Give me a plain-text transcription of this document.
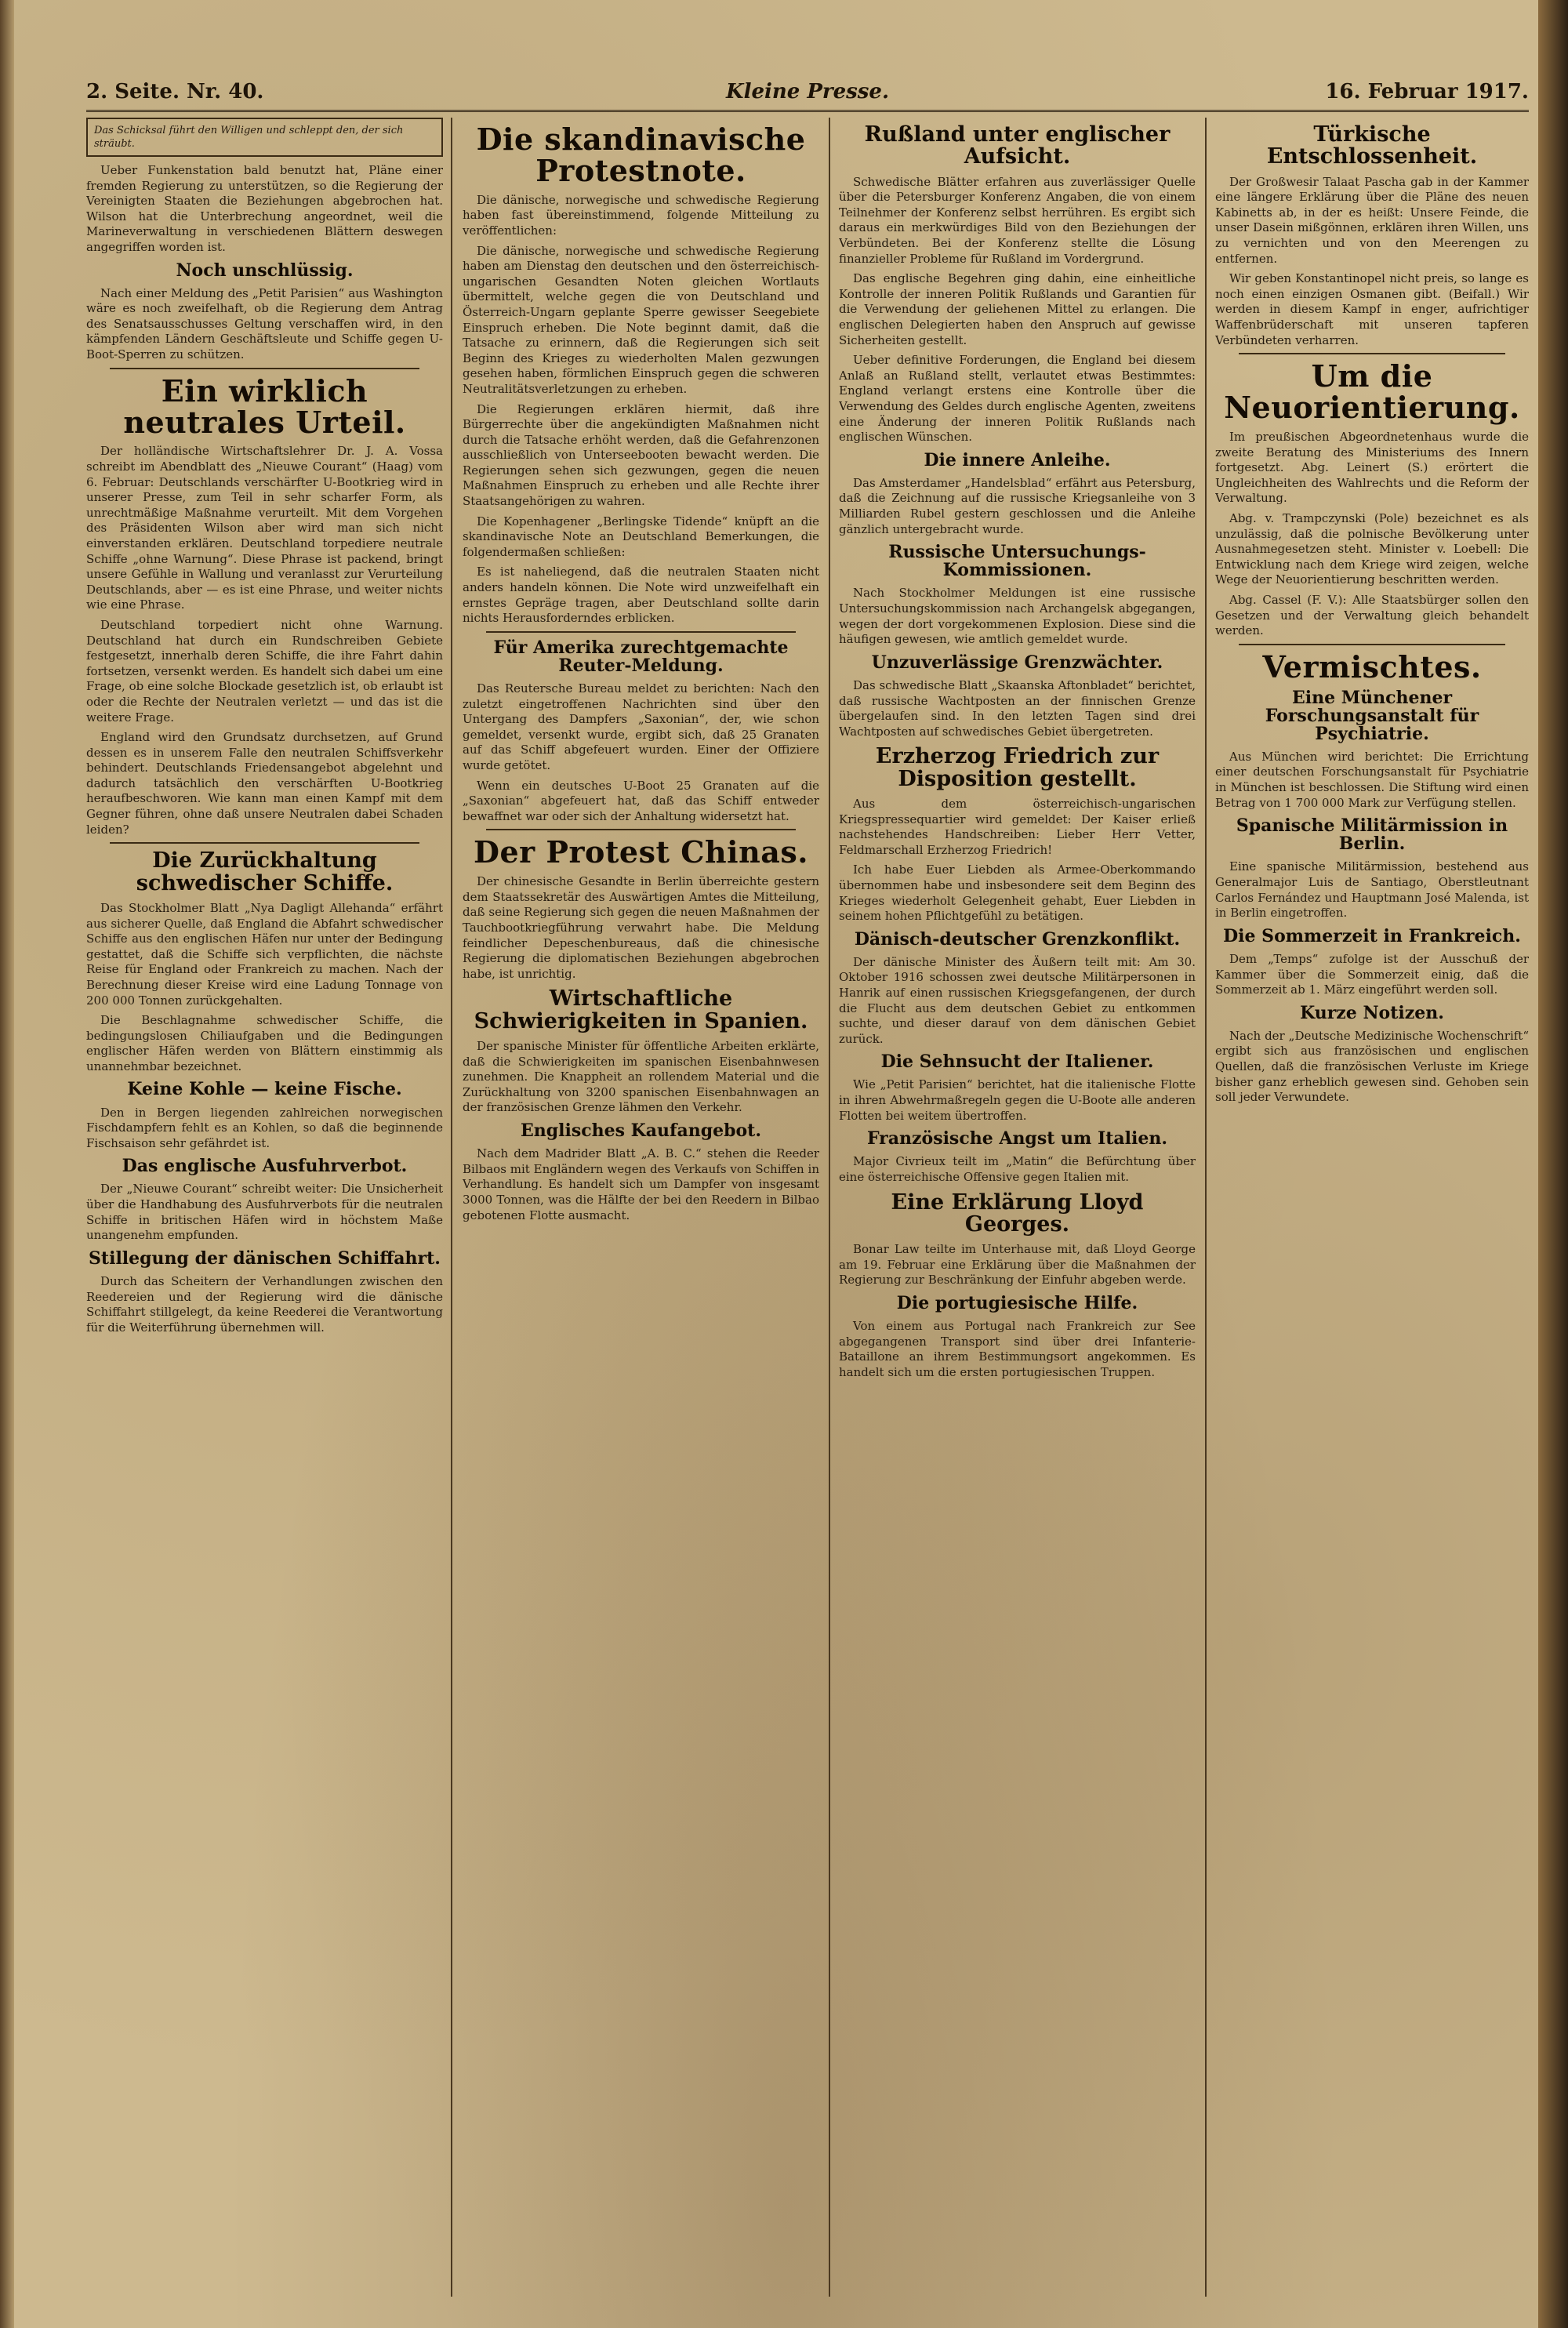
2. Seite. Nr. 40.	Kleine Presse.	16. Februar 1917.
Das Schicksal führt den Willigen und schleppt den, der sich sträubt.

Ueber Funkenstation bald benutzt hat, Pläne einer fremden Regierung zu unterstützen, so die Regierung der Vereinigten Staaten die Beziehungen abgebrochen hat. Wilson hat die Unterbrechung angeordnet, weil die Marineverwaltung in verschiedenen Blättern deswegen angegriffen worden ist.

Noch unschlüssig.

Nach einer Meldung des „Petit Parisien“ aus Washington wäre es noch zweifelhaft, ob die Regierung dem Antrag des Senatsausschusses Geltung verschaffen wird, in den kämpfenden Ländern Geschäftsleute und Schiffe gegen U-Boot-Sperren zu schützen.

Ein wirklich neutrales Urteil.

Der holländische Wirtschaftslehrer Dr. J. A. Vossa schreibt im Abendblatt des „Nieuwe Courant“ (Haag) vom 6. Februar: Deutschlands verschärfter U-Bootkrieg wird in unserer Presse, zum Teil in sehr scharfer Form, als unrechtmäßige Maßnahme verurteilt. Mit dem Vorgehen des Präsidenten Wilson aber wird man sich nicht einverstanden erklären. Deutschland torpediere neutrale Schiffe „ohne Warnung“. Diese Phrase ist packend, bringt unsere Gefühle in Wallung und veranlasst zur Verurteilung Deutschlands, aber — es ist eine Phrase, und weiter nichts wie eine Phrase.

Deutschland torpediert nicht ohne Warnung. Deutschland hat durch ein Rundschreiben Gebiete festgesetzt, innerhalb deren Schiffe, die ihre Fahrt dahin fortsetzen, versenkt werden. Es handelt sich dabei um eine Frage, ob eine solche Blockade gesetzlich ist, ob erlaubt ist oder die Rechte der Neutralen verletzt — und das ist die weitere Frage.

England wird den Grundsatz durchsetzen, auf Grund dessen es in unserem Falle den neutralen Schiffsverkehr behindert. Deutschlands Friedensangebot abgelehnt und dadurch tatsächlich den verschärften U-Bootkrieg heraufbeschworen. Wie kann man einen Kampf mit dem Gegner führen, ohne daß unsere Neutralen dabei Schaden leiden?

Die Zurückhaltung schwedischer Schiffe.

Das Stockholmer Blatt „Nya Dagligt Allehanda“ erfährt aus sicherer Quelle, daß England die Abfahrt schwedischer Schiffe aus den englischen Häfen nur unter der Bedingung gestattet, daß die Schiffe sich verpflichten, die nächste Reise für England oder Frankreich zu machen. Nach der Berechnung dieser Kreise wird eine Ladung Tonnage von 200 000 Tonnen zurückgehalten.

Die Beschlagnahme schwedischer Schiffe, die bedingungslosen Chiliaufgaben und die Bedingungen englischer Häfen werden von Blättern einstimmig als unannehmbar bezeichnet.

Keine Kohle — keine Fische.

Den in Bergen liegenden zahlreichen norwegischen Fischdampfern fehlt es an Kohlen, so daß die beginnende Fischsaison sehr gefährdet ist.

Das englische Ausfuhrverbot.

Der „Nieuwe Courant“ schreibt weiter: Die Unsicherheit über die Handhabung des Ausfuhrverbots für die neutralen Schiffe in britischen Häfen wird in höchstem Maße unangenehm empfunden.

Stillegung der dänischen Schiffahrt.

Durch das Scheitern der Verhandlungen zwischen den Reedereien und der Regierung wird die dänische Schiffahrt stillgelegt, da keine Reederei die Verantwortung für die Weiterführung übernehmen will.

Die skandinavische Protestnote.

Die dänische, norwegische und schwedische Regierung haben fast übereinstimmend, folgende Mitteilung zu veröffentlichen:

Die dänische, norwegische und schwedische Regierung haben am Dienstag den deutschen und den österreichisch-ungarischen Gesandten Noten gleichen Wortlauts übermittelt, welche gegen die von Deutschland und Österreich-Ungarn geplante Sperre gewisser Seegebiete Einspruch erheben. Die Note beginnt damit, daß die Tatsache zu erinnern, daß die Regierungen sich seit Beginn des Krieges zu wiederholten Malen gezwungen gesehen haben, förmlichen Einspruch gegen die schweren Neutralitätsverletzungen zu erheben.

Die Regierungen erklären hiermit, daß ihre Bürgerrechte über die angekündigten Maßnahmen nicht durch die Tatsache erhöht werden, daß die Gefahrenzonen ausschließlich von Unterseebooten bewacht werden. Die Regierungen sehen sich gezwungen, gegen die neuen Maßnahmen Einspruch zu erheben und alle Rechte ihrer Staatsangehörigen zu wahren.

Die Kopenhagener „Berlingske Tidende“ knüpft an die skandinavische Note an Deutschland Bemerkungen, die folgendermaßen schließen:

Es ist naheliegend, daß die neutralen Staaten nicht anders handeln können. Die Note wird unzweifelhaft ein ernstes Gepräge tragen, aber Deutschland sollte darin nichts Herausforderndes erblicken.

Für Amerika zurechtgemachte Reuter-Meldung.

Das Reutersche Bureau meldet zu berichten: Nach den zuletzt eingetroffenen Nachrichten sind über den Untergang des Dampfers „Saxonian“, der, wie schon gemeldet, versenkt wurde, ergibt sich, daß 25 Granaten auf das Schiff abgefeuert wurden. Einer der Offiziere wurde getötet.

Wenn ein deutsches U-Boot 25 Granaten auf die „Saxonian“ abgefeuert hat, daß das Schiff entweder bewaffnet war oder sich der Anhaltung widersetzt hat.

Der Protest Chinas.

Der chinesische Gesandte in Berlin überreichte gestern dem Staatssekretär des Auswärtigen Amtes die Mitteilung, daß seine Regierung sich gegen die neuen Maßnahmen der Tauchbootkriegführung verwahrt habe. Die Meldung feindlicher Depeschenbureaus, daß die chinesische Regierung die diplomatischen Beziehungen abgebrochen habe, ist unrichtig.

Wirtschaftliche Schwierigkeiten in Spanien.

Der spanische Minister für öffentliche Arbeiten erklärte, daß die Schwierigkeiten im spanischen Eisenbahnwesen zunehmen. Die Knappheit an rollendem Material und die Zurückhaltung von 3200 spanischen Eisenbahnwagen an der französischen Grenze lähmen den Verkehr.

Englisches Kaufangebot.

Nach dem Madrider Blatt „A. B. C.“ stehen die Reeder Bilbaos mit Engländern wegen des Verkaufs von Schiffen in Verhandlung. Es handelt sich um Dampfer von insgesamt 3000 Tonnen, was die Hälfte der bei den Reedern in Bilbao gebotenen Flotte ausmacht.

Rußland unter englischer Aufsicht.

Schwedische Blätter erfahren aus zuverlässiger Quelle über die Petersburger Konferenz Angaben, die von einem Teilnehmer der Konferenz selbst herrühren. Es ergibt sich daraus ein merkwürdiges Bild von den Beziehungen der Verbündeten. Bei der Konferenz stellte die Lösung finanzieller Probleme für Rußland im Vordergrund.

Das englische Begehren ging dahin, eine einheitliche Kontrolle der inneren Politik Rußlands und Garantien für die Verwendung der geliehenen Mittel zu erlangen. Die englischen Delegierten haben den Anspruch auf gewisse Sicherheiten gestellt.

Ueber definitive Forderungen, die England bei diesem Anlaß an Rußland stellt, verlautet etwas Bestimmtes: England verlangt erstens eine Kontrolle über die Verwendung des Geldes durch englische Agenten, zweitens eine Änderung der inneren Politik Rußlands nach englischen Wünschen.

Die innere Anleihe.

Das Amsterdamer „Handelsblad“ erfährt aus Petersburg, daß die Zeichnung auf die russische Kriegsanleihe von 3 Milliarden Rubel gestern geschlossen und die Anleihe gänzlich untergebracht wurde.

Russische Untersuchungs-Kommissionen.

Nach Stockholmer Meldungen ist eine russische Untersuchungskommission nach Archangelsk abgegangen, wegen der dort vorgekommenen Explosion. Diese sind die häufigen gewesen, wie amtlich gemeldet wurde.

Unzuverlässige Grenzwächter.

Das schwedische Blatt „Skaanska Aftonbladet“ berichtet, daß russische Wachtposten an der finnischen Grenze übergelaufen sind. In den letzten Tagen sind drei Wachtposten auf schwedisches Gebiet übergetreten.

Erzherzog Friedrich zur Disposition gestellt.

Aus dem österreichisch-ungarischen Kriegspressequartier wird gemeldet: Der Kaiser erließ nachstehendes Handschreiben: Lieber Herr Vetter, Feldmarschall Erzherzog Friedrich!

Ich habe Euer Liebden als Armee-Oberkommando übernommen habe und insbesondere seit dem Beginn des Krieges wiederholt Gelegenheit gehabt, Euer Liebden in seinem hohen Pflichtgefühl zu betätigen.

Dänisch-deutscher Grenzkonflikt.

Der dänische Minister des Äußern teilt mit: Am 30. Oktober 1916 schossen zwei deutsche Militärpersonen in Hanrik auf einen russischen Kriegsgefangenen, der durch die Flucht aus dem deutschen Gebiet zu entkommen suchte, und dieser darauf von dem dänischen Gebiet zurück.

Die Sehnsucht der Italiener.

Wie „Petit Parisien“ berichtet, hat die italienische Flotte in ihren Abwehrmaßregeln gegen die U-Boote alle anderen Flotten bei weitem übertroffen.

Französische Angst um Italien.

Major Civrieux teilt im „Matin“ die Befürchtung über eine österreichische Offensive gegen Italien mit.

Eine Erklärung Lloyd Georges.

Bonar Law teilte im Unterhause mit, daß Lloyd George am 19. Februar eine Erklärung über die Maßnahmen der Regierung zur Beschränkung der Einfuhr abgeben werde.

Die portugiesische Hilfe.

Von einem aus Portugal nach Frankreich zur See abgegangenen Transport sind über drei Infanterie-Bataillone an ihrem Bestimmungsort angekommen. Es handelt sich um die ersten portugiesischen Truppen.

Türkische Entschlossenheit.

Der Großwesir Talaat Pascha gab in der Kammer eine längere Erklärung über die Pläne des neuen Kabinetts ab, in der es heißt: Unsere Feinde, die unser Dasein mißgönnen, erklären ihren Willen, uns zu vernichten und von den Meerengen zu entfernen.

Wir geben Konstantinopel nicht preis, so lange es noch einen einzigen Osmanen gibt. (Beifall.) Wir werden in diesem Kampf in enger, aufrichtiger Waffenbrüderschaft mit unseren tapferen Verbündeten verharren.

Um die Neuorientierung.

Im preußischen Abgeordnetenhaus wurde die zweite Beratung des Ministeriums des Innern fortgesetzt. Abg. Leinert (S.) erörtert die Ungleichheiten des Wahlrechts und die Reform der Verwaltung.

Abg. v. Trampczynski (Pole) bezeichnet es als unzulässig, daß die polnische Bevölkerung unter Ausnahmegesetzen steht. Minister v. Loebell: Die Entwicklung nach dem Kriege wird zeigen, welche Wege der Neuorientierung beschritten werden.

Abg. Cassel (F. V.): Alle Staatsbürger sollen den Gesetzen und der Verwaltung gleich behandelt werden.

Vermischtes.
Eine Münchener Forschungsanstalt für Psychiatrie.

Aus München wird berichtet: Die Errichtung einer deutschen Forschungsanstalt für Psychiatrie in München ist beschlossen. Die Stiftung wird einen Betrag von 1 700 000 Mark zur Verfügung stellen.

Spanische Militärmission in Berlin.

Eine spanische Militärmission, bestehend aus Generalmajor Luis de Santiago, Oberstleutnant Carlos Fernández und Hauptmann José Malenda, ist in Berlin eingetroffen.

Die Sommerzeit in Frankreich.

Dem „Temps“ zufolge ist der Ausschuß der Kammer über die Sommerzeit einig, daß die Sommerzeit ab 1. März eingeführt werden soll.

Kurze Notizen.

Nach der „Deutsche Medizinische Wochenschrift“ ergibt sich aus französischen und englischen Quellen, daß die französischen Verluste im Kriege bisher ganz erheblich gewesen sind. Gehoben sein soll jeder Verwundete.
